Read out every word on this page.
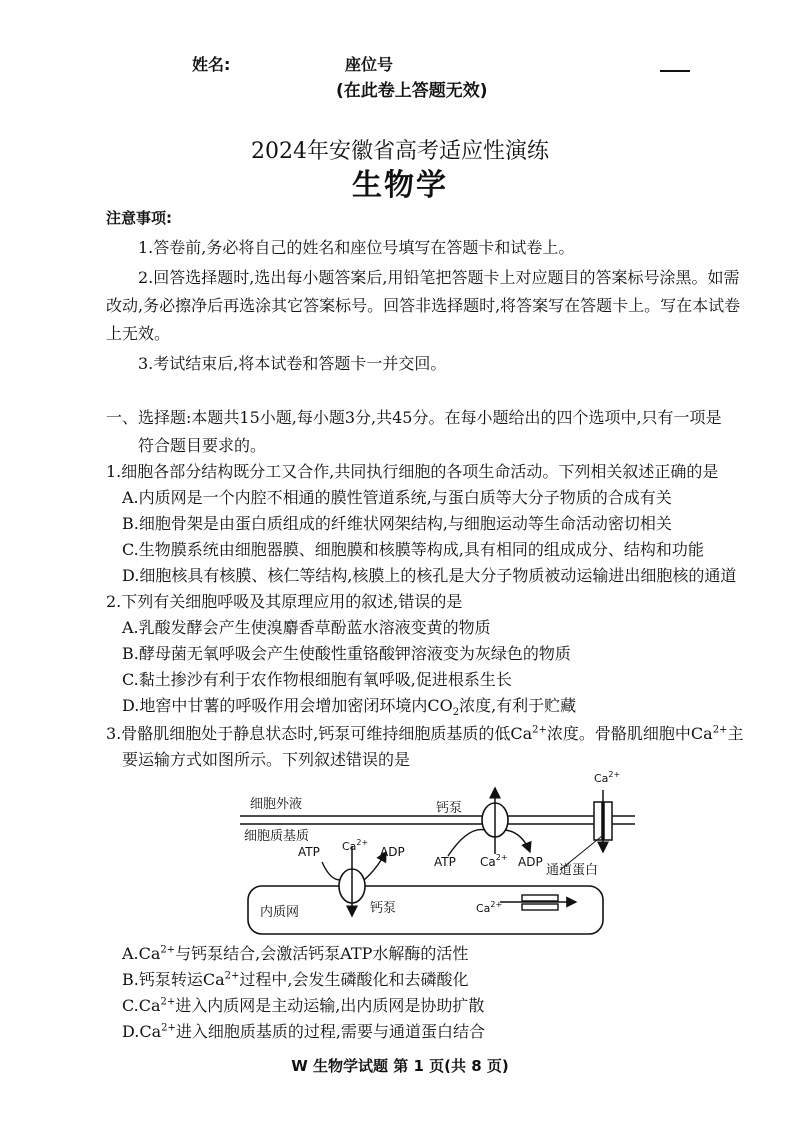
姓名:	座位号
(在此卷上答题无效)
2024年安徽省高考适应性演练
生物学
注意事项:
1.答卷前,务必将自己的姓名和座位号填写在答题卡和试卷上。
2.回答选择题时,选出每小题答案后,用铅笔把答题卡上对应题目的答案标号涂黑。如需
改动,务必擦净后再选涂其它答案标号。回答非选择题时,将答案写在答题卡上。写在本试卷
上无效。
3.考试结束后,将本试卷和答题卡一并交回。
一、选择题:本题共15小题,每小题3分,共45分。在每小题给出的四个选项中,只有一项是
符合题目要求的。
1.细胞各部分结构既分工又合作,共同执行细胞的各项生命活动。下列相关叙述正确的是
A.内质网是一个内腔不相通的膜性管道系统,与蛋白质等大分子物质的合成有关
B.细胞骨架是由蛋白质组成的纤维状网架结构,与细胞运动等生命活动密切相关
C.生物膜系统由细胞器膜、细胞膜和核膜等构成,具有相同的组成成分、结构和功能
D.细胞核具有核膜、核仁等结构,核膜上的核孔是大分子物质被动运输进出细胞核的通道
2.下列有关细胞呼吸及其原理应用的叙述,错误的是
A.乳酸发酵会产生使溴麝香草酚蓝水溶液变黄的物质
B.酵母菌无氧呼吸会产生使酸性重铬酸钾溶液变为灰绿色的物质
C.黏土掺沙有利于农作物根细胞有氧呼吸,促进根系生长
D.地窖中甘薯的呼吸作用会增加密闭环境内$CO_2$浓度,有利于贮藏
3.骨骼肌细胞处于静息状态时,钙泵可维持细胞质基质的低$Ca^{2+}$浓度。骨骼肌细胞中$Ca^{2+}$主
要运输方式如图所示。下列叙述错误的是
细胞外液
细胞质基质
钙泵
ATP $Ca^{2+}$ ADP
$Ca^{2+}$
通道蛋白
内质网
ATP $Ca^{2+}$
ADP
钙泵	$Ca^{2+}$
$A.Ca^{2+}$与钙泵结合,会激活钙泵ATP水解酶的活性
B.钙泵转运$Ca^{2+}$过程中,会发生磷酸化和去磷酸化
$C.Ca^{2+}$进入内质网是主动运输,出内质网是协助扩散
$D.Ca^{2+}$进入细胞质基质的过程,需要与通道蛋白结合
W 生物学试题 第 1 页(共 8 页)
